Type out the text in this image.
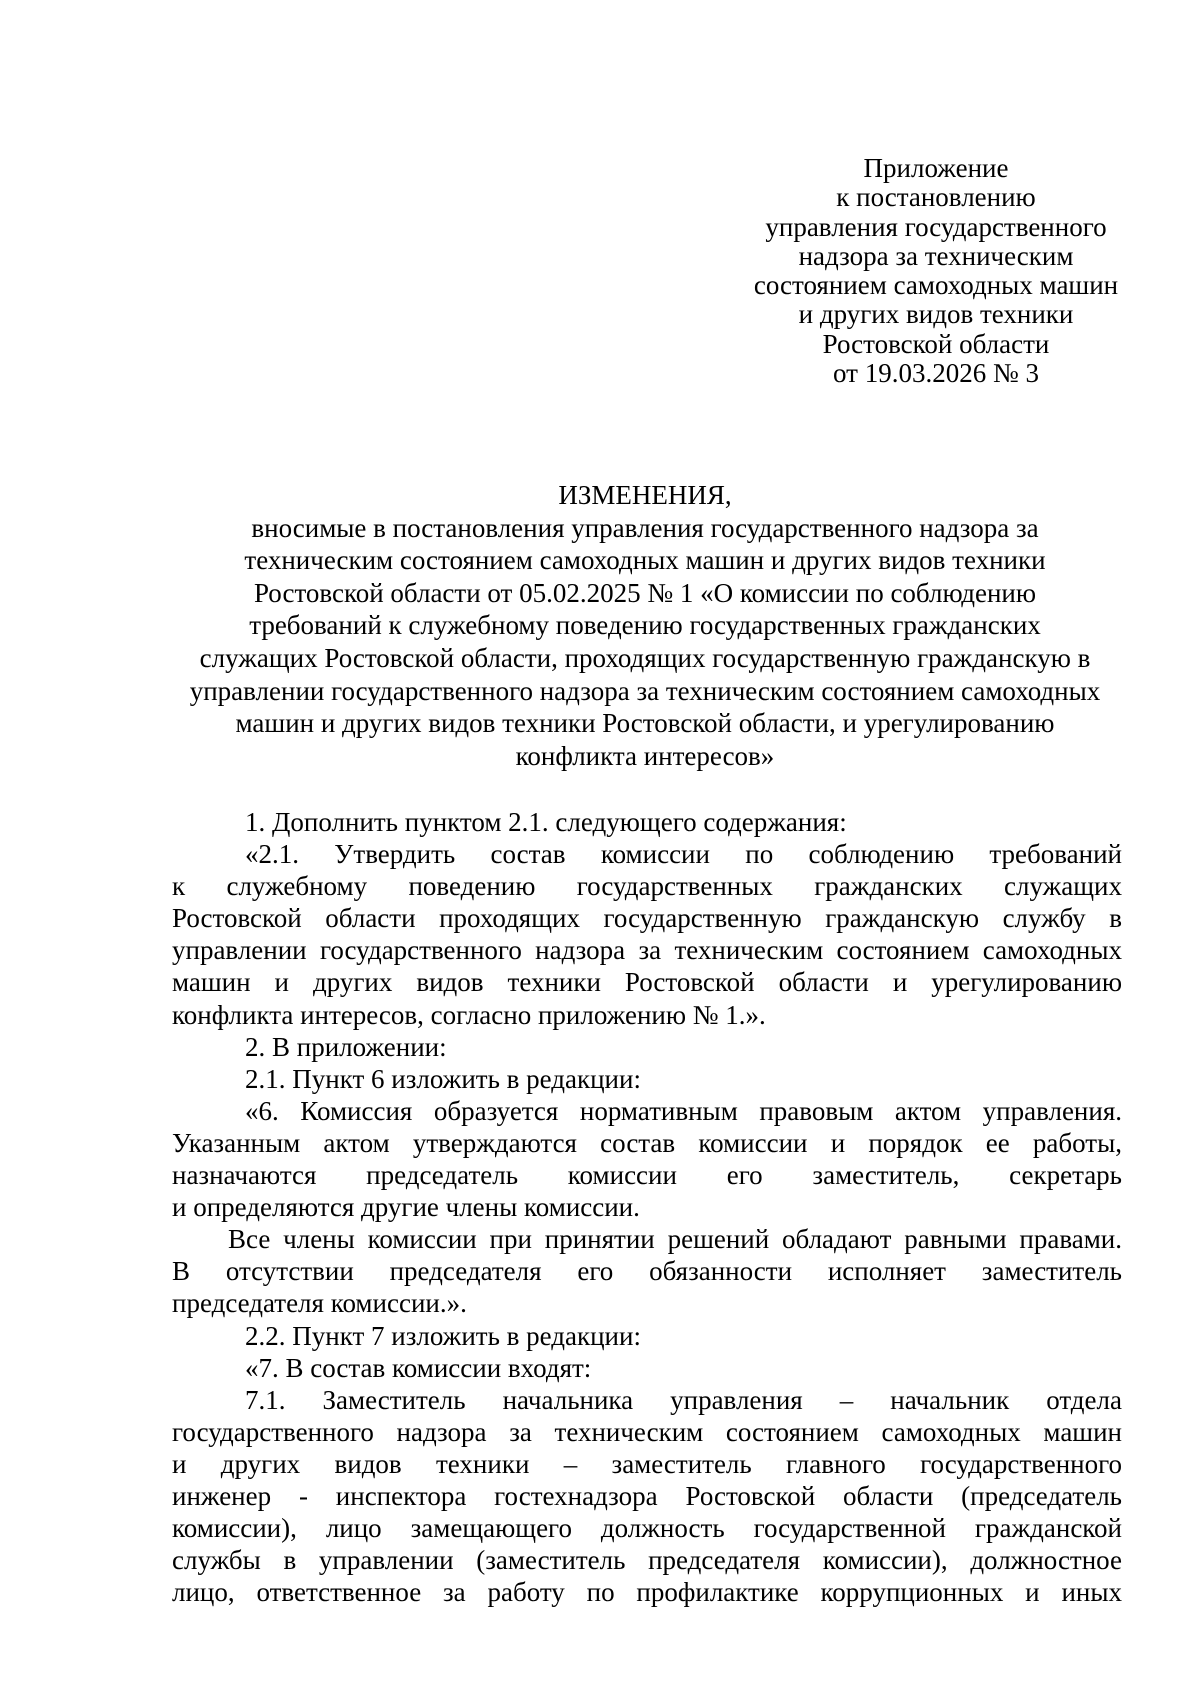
Приложение
к постановлению
управления государственного
надзора за техническим
состоянием самоходных машин
и других видов техники
Ростовской области
от 19.03.2026 № 3
ИЗМЕНЕНИЯ,
вносимые в постановления управления государственного надзора за
техническим состоянием самоходных машин и других видов техники
Ростовской области от 05.02.2025 № 1 «О комиссии по соблюдению
требований к служебному поведению государственных гражданских
служащих Ростовской области, проходящих государственную гражданскую в
управлении государственного надзора за техническим состоянием самоходных
машин и других видов техники Ростовской области, и урегулированию
конфликта интересов»
1. Дополнить пунктом 2.1. следующего содержания:
«2.1. Утвердить состав комиссии по соблюдению требований
к служебному поведению государственных гражданских служащих
Ростовской области проходящих государственную гражданскую службу в
управлении государственного надзора за техническим состоянием самоходных
машин и других видов техники Ростовской области и урегулированию
конфликта интересов, согласно приложению № 1.».
2. В приложении:
2.1. Пункт 6 изложить в редакции:
«6. Комиссия образуется нормативным правовым актом управления.
Указанным актом утверждаются состав комиссии и порядок ее работы,
назначаются председатель комиссии его заместитель, секретарь
и определяются другие члены комиссии.
Все члены комиссии при принятии решений обладают равными правами.
В отсутствии председателя его обязанности исполняет заместитель
председателя комиссии.».
2.2. Пункт 7 изложить в редакции:
«7. В состав комиссии входят:
7.1. Заместитель начальника управления – начальник отдела
государственного надзора за техническим состоянием самоходных машин
и других видов техники – заместитель главного государственного
инженер - инспектора гостехнадзора Ростовской области (председатель
комиссии), лицо замещающего должность государственной гражданской
службы в управлении (заместитель председателя комиссии), должностное
лицо, ответственное за работу по профилактике коррупционных и иных
